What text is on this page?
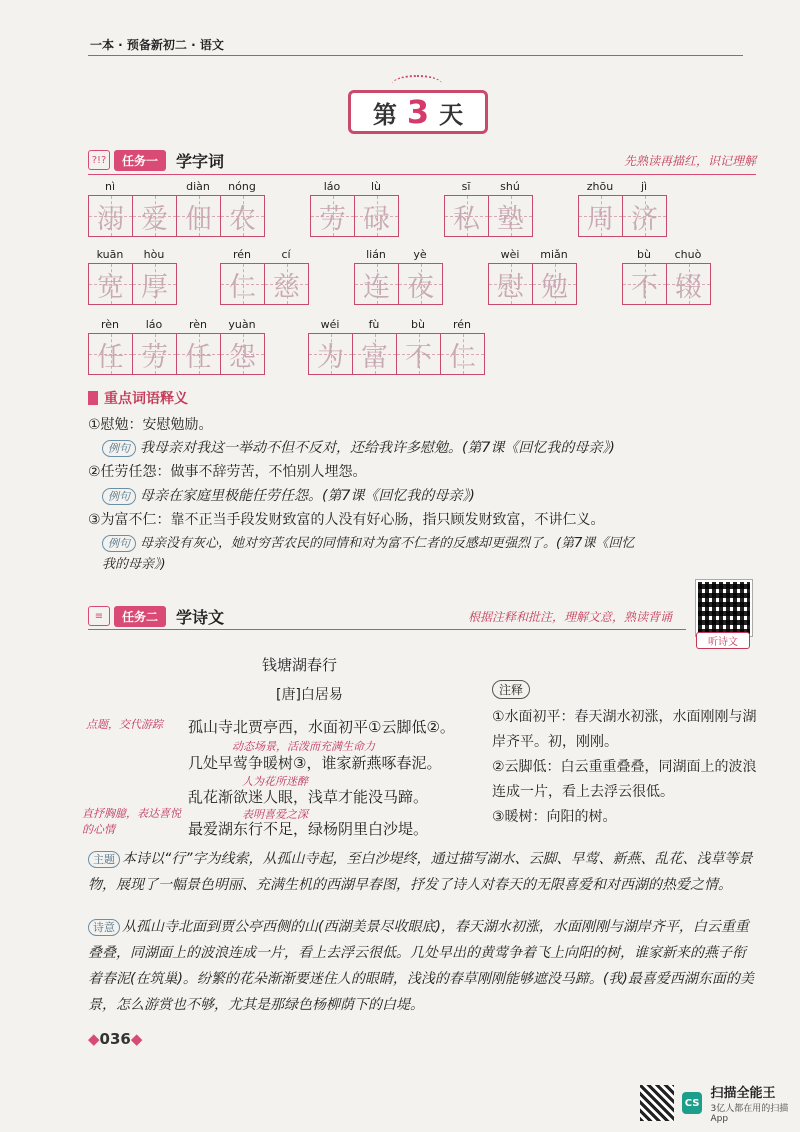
一本 · 预备新初二 · 语文
第 3 天
?!?	任务一	学字词	先熟读再描红，识记理解
nì
溺 爱
diàn	nóng
佃 农
láo	lù
劳 碌
sī	shú
私 塾
zhōu	jì
周 济
kuān	hòu
宽 厚
rén	cí
仁 慈
lián	yè
连 夜
wèi	miǎn
慰 勉
bù	chuò
不 辍
rèn	láo	rèn	yuàn
任 劳 任 怨
wéi	fù	bù	rén
为 富 不 仁
重点词语释义
①慰勉：安慰勉励。
例句 我母亲对我这一举动不但不反对，还给我许多慰勉。(第7课《回忆我的母亲》)
②任劳任怨：做事不辞劳苦，不怕别人埋怨。
例句 母亲在家庭里极能任劳任怨。(第7课《回忆我的母亲》)
③为富不仁：靠不正当手段发财致富的人没有好心肠，指只顾发财致富，不讲仁义。
例句 母亲没有灰心，她对穷苦农民的同情和对为富不仁者的反感却更强烈了。(第7课《回忆
我的母亲》)
≡	任务二	学诗文	根据注释和批注，理解文意，熟读背诵
听诗文
钱塘湖春行
[唐]白居易
点题，交代游踪 孤山寺北贾亭西，水面初平①云脚低②。
动态场景，活泼而充满生命力
几处早莺争暖树③，谁家新燕啄春泥。
人为花所迷醉
乱花渐欲迷人眼，浅草才能没马蹄。
表明喜爱之深
直抒胸臆，表达喜悦的心情	最爱湖东行不足，绿杨阴里白沙堤。
注释
①水面初平：春天湖水初涨，水面刚刚与湖岸齐平。初，刚刚。
②云脚低：白云重重叠叠，同湖面上的波浪连成一片，看上去浮云很低。
③暖树：向阳的树。
主题 本诗以“行”字为线索，从孤山寺起，至白沙堤终，通过描写湖水、云脚、早莺、新燕、乱花、浅草等景物，展现了一幅景色明丽、充满生机的西湖早春图，抒发了诗人对春天的无限喜爱和对西湖的热爱之情。
诗意 从孤山寺北面到贾公亭西侧的山(西湖美景尽收眼底)，春天湖水初涨，水面刚刚与湖岸齐平，白云重重叠叠，同湖面上的波浪连成一片，看上去浮云很低。几处早出的黄莺争着飞上向阳的树，谁家新来的燕子衔着春泥(在筑巢)。纷繁的花朵渐渐要迷住人的眼睛，浅浅的春草刚刚能够遮没马蹄。(我)最喜爱西湖东面的美景，怎么游赏也不够，尤其是那绿色杨柳荫下的白堤。
◆036◆
CS
扫描全能王
3亿人都在用的扫描App
